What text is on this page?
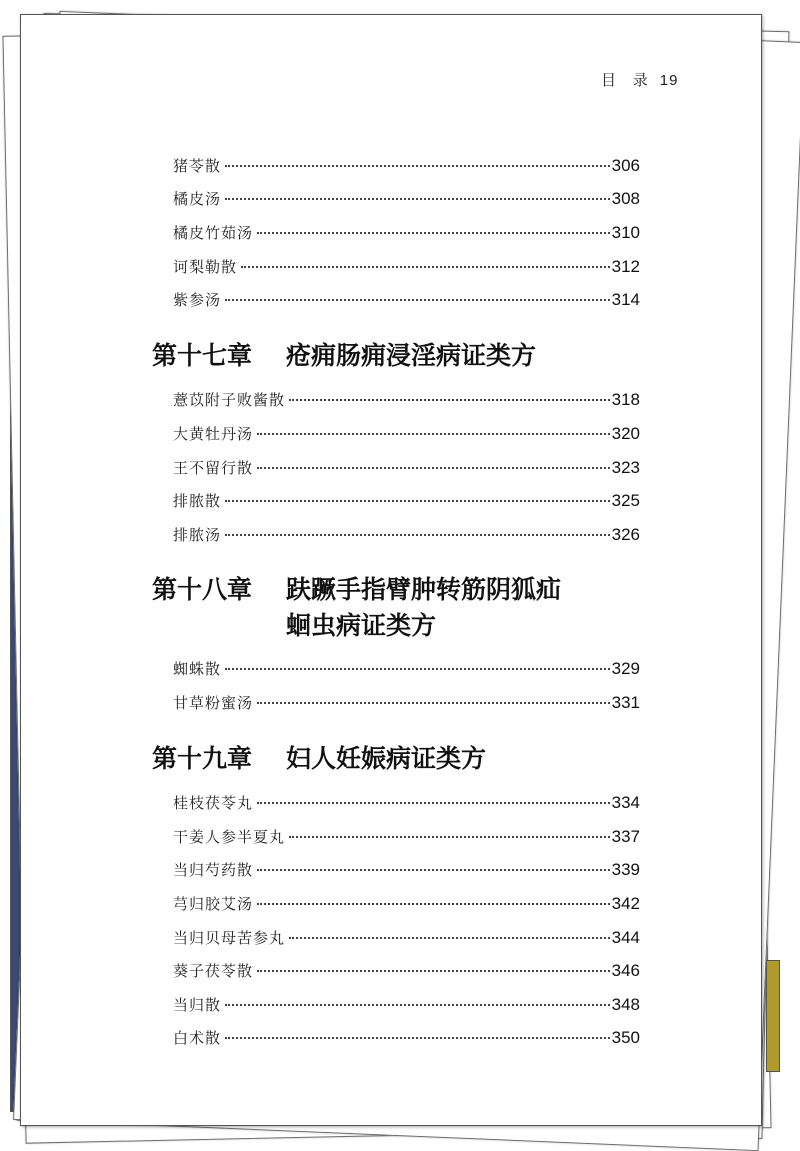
目 录 19
猪苓散	306
橘皮汤	308
橘皮竹茹汤	310
诃梨勒散	312
紫参汤	314
第十七章 疮痈肠痈浸淫病证类方
薏苡附子败酱散	318
大黄牡丹汤	320
王不留行散	323
排脓散	325
排脓汤	326
第十八章 趺蹶手指臂肿转筋阴狐疝
蛔虫病证类方
蜘蛛散	329
甘草粉蜜汤	331
第十九章 妇人妊娠病证类方
桂枝茯苓丸	334
干姜人参半夏丸	337
当归芍药散	339
芎归胶艾汤	342
当归贝母苦参丸	344
葵子茯苓散	346
当归散	348
白术散	350
